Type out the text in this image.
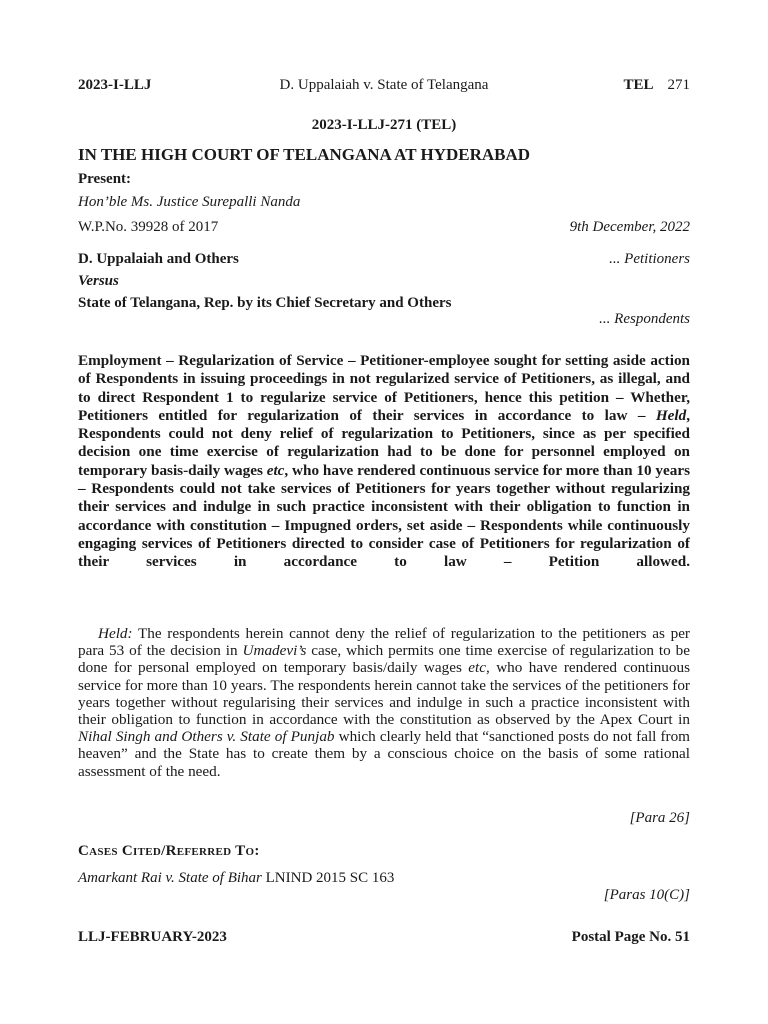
2023-I-LLJ	D. Uppalaiah v. State of Telangana	TEL 271
2023-I-LLJ-271 (TEL)
IN THE HIGH COURT OF TELANGANA AT HYDERABAD
Present:
Hon’ble Ms. Justice Surepalli Nanda
W.P.No. 39928 of 2017	9th December, 2022
D. Uppalaiah and Others	... Petitioners
Versus
State of Telangana, Rep. by its Chief Secretary and Others
... Respondents
Employment – Regularization of Service – Petitioner-employee sought for setting aside action of Respondents in issuing proceedings in not regularized service of Petitioners, as illegal, and to direct Respondent 1 to regularize service of Petitioners, hence this petition – Whether, Petitioners entitled for regularization of their services in accordance to law – Held, Respondents could not deny relief of regularization to Petitioners, since as per specified decision one time exercise of regularization had to be done for personnel employed on temporary basis-daily wages etc, who have rendered continuous service for more than 10 years – Respondents could not take services of Petitioners for years together without regularizing their services and indulge in such practice inconsistent with their obligation to function in accordance with constitution – Impugned orders, set aside – Respondents while continuously engaging services of Petitioners directed to consider case of Petitioners for regularization of their services in accordance to law – Petition allowed.
Held: The respondents herein cannot deny the relief of regularization to the petitioners as per para 53 of the decision in Umadevi’s case, which permits one time exercise of regularization to be done for personal employed on temporary basis/daily wages etc, who have rendered continuous service for more than 10 years. The respondents herein cannot take the services of the petitioners for years together without regularising their services and indulge in such a practice inconsistent with their obligation to function in accordance with the constitution as observed by the Apex Court in Nihal Singh and Others v. State of Punjab which clearly held that “sanctioned posts do not fall from heaven” and the State has to create them by a conscious choice on the basis of some rational assessment of the need.
[Para 26]
Cases Cited/Referred To:
Amarkant Rai v. State of Bihar LNIND 2015 SC 163
[Paras 10(C)]
LLJ-FEBRUARY-2023	Postal Page No. 51
